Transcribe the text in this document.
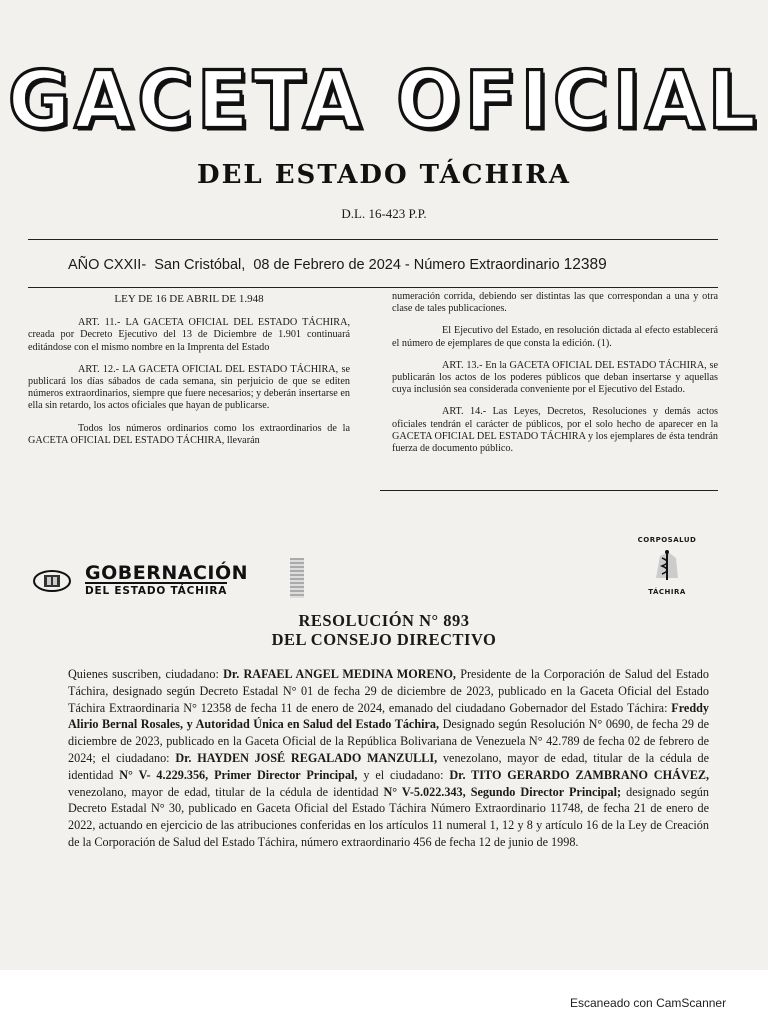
GACETA OFICIAL
DEL ESTADO TÁCHIRA
D.L. 16-423 P.P.
AÑO CXXII- San Cristóbal, 08 de Febrero de 2024 - Número Extraordinario 12389
LEY DE 16 DE ABRIL DE 1.948

ART. 11.- LA GACETA OFICIAL DEL ESTADO TÁCHIRA, creada por Decreto Ejecutivo del 13 de Diciembre de 1.901 continuará editándose con el mismo nombre en la Imprenta del Estado

ART. 12.- LA GACETA OFICIAL DEL ESTADO TÁCHIRA, se publicará los días sábados de cada semana, sin perjuicio de que se editen números extraordinarios, siempre que fuere necesarios; y deberán insertarse en ella sin retardo, los actos oficiales que hayan de publicarse.

Todos los números ordinarios como los extraordinarios de la GACETA OFICIAL DEL ESTADO TÁCHIRA, llevarán

numeración corrida, debiendo ser distintas las que correspondan a una y otra clase de tales publicaciones.

El Ejecutivo del Estado, en resolución dictada al efecto establecerá el número de ejemplares de que consta la edición. (1).

ART. 13.- En la GACETA OFICIAL DEL ESTADO TÁCHIRA, se publicarán los actos de los poderes públicos que deban insertarse y aquellas cuya inclusión sea considerada conveniente por el Ejecutivo del Estado.

ART. 14.- Las Leyes, Decretos, Resoluciones y demás actos oficiales tendrán el carácter de públicos, por el solo hecho de aparecer en la GACETA OFICIAL DEL ESTADO TÁCHIRA y los ejemplares de ésta tendrán fuerza de documento público.

GOBERNACIÓN
DEL ESTADO TÁCHIRA
CORPOSALUD
TÁCHIRA
RESOLUCIÓN N° 893
DEL CONSEJO DIRECTIVO
Quienes suscriben, ciudadano: Dr. RAFAEL ANGEL MEDINA MORENO, Presidente de la Corporación de Salud del Estado Táchira, designado según Decreto Estadal N° 01 de fecha 29 de diciembre de 2023, publicado en la Gaceta Oficial del Estado Táchira Extraordinaria N° 12358 de fecha 11 de enero de 2024, emanado del ciudadano Gobernador del Estado Táchira: Freddy Alirio Bernal Rosales, y Autoridad Única en Salud del Estado Táchira, Designado según Resolución N° 0690, de fecha 29 de diciembre de 2023, publicado en la Gaceta Oficial de la República Bolivariana de Venezuela N° 42.789 de fecha 02 de febrero de 2024; el ciudadano: Dr. HAYDEN JOSÉ REGALADO MANZULLI, venezolano, mayor de edad, titular de la cédula de identidad N° V- 4.229.356, Primer Director Principal, y el ciudadano: Dr. TITO GERARDO ZAMBRANO CHÁVEZ, venezolano, mayor de edad, titular de la cédula de identidad N° V-5.022.343, Segundo Director Principal; designado según Decreto Estadal N° 30, publicado en Gaceta Oficial del Estado Táchira Número Extraordinario 11748, de fecha 21 de enero de 2022, actuando en ejercicio de las atribuciones conferidas en los artículos 11 numeral 1, 12 y 8 y artículo 16 de la Ley de Creación de la Corporación de Salud del Estado Táchira, número extraordinario 456 de fecha 12 de junio de 1998.
Escaneado con CamScanner
